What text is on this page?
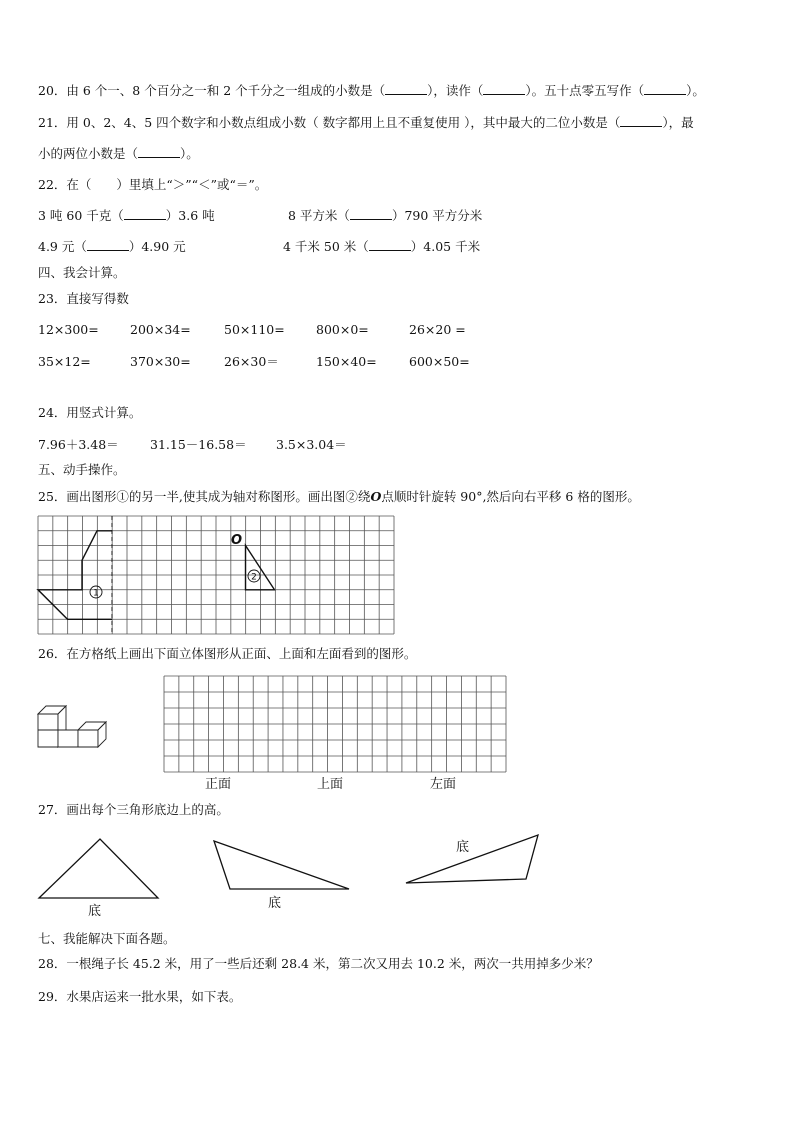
20．由 6 个一、8 个百分之一和 2 个千分之一组成的小数是（	），读作（	）。五十点零五写作（	）。
21．用 0、2、4、5 四个数字和小数点组成小数（ 数字都用上且不重复使用 ），其中最大的二位小数是（	），最
小的两位小数是（	）。
22．在（　　）里填上“＞”“＜”或“＝”。
3 吨 60 千克（	）3.6 吨	8 平方米（	）790 平方分米
4.9 元（	）4.90 元	4 千米 50 米（	）4.05 千米
四、我会计算。
23．直接写得数
12×300=	200×34=	50×110=	800×0=	26×20 =
35×12=	370×30=	26×30＝	150×40=	600×50=
24．用竖式计算。
7.96＋3.48＝	31.15－16.58＝ 3.5×3.04＝
五、动手操作。
25．画出图形①的另一半,使其成为轴对称图形。画出图②绕O点顺时针旋转 90°,然后向右平移 6 格的图形。
1
2
O
26．在方格纸上画出下面立体图形从正面、上面和左面看到的图形。
正面	上面	左面
27．画出每个三角形底边上的高。
底
底
底
七、我能解决下面各题。
28．一根绳子长 45.2 米，用了一些后还剩 28.4 米，第二次又用去 10.2 米，两次一共用掉多少米？
29．水果店运来一批水果，如下表。
